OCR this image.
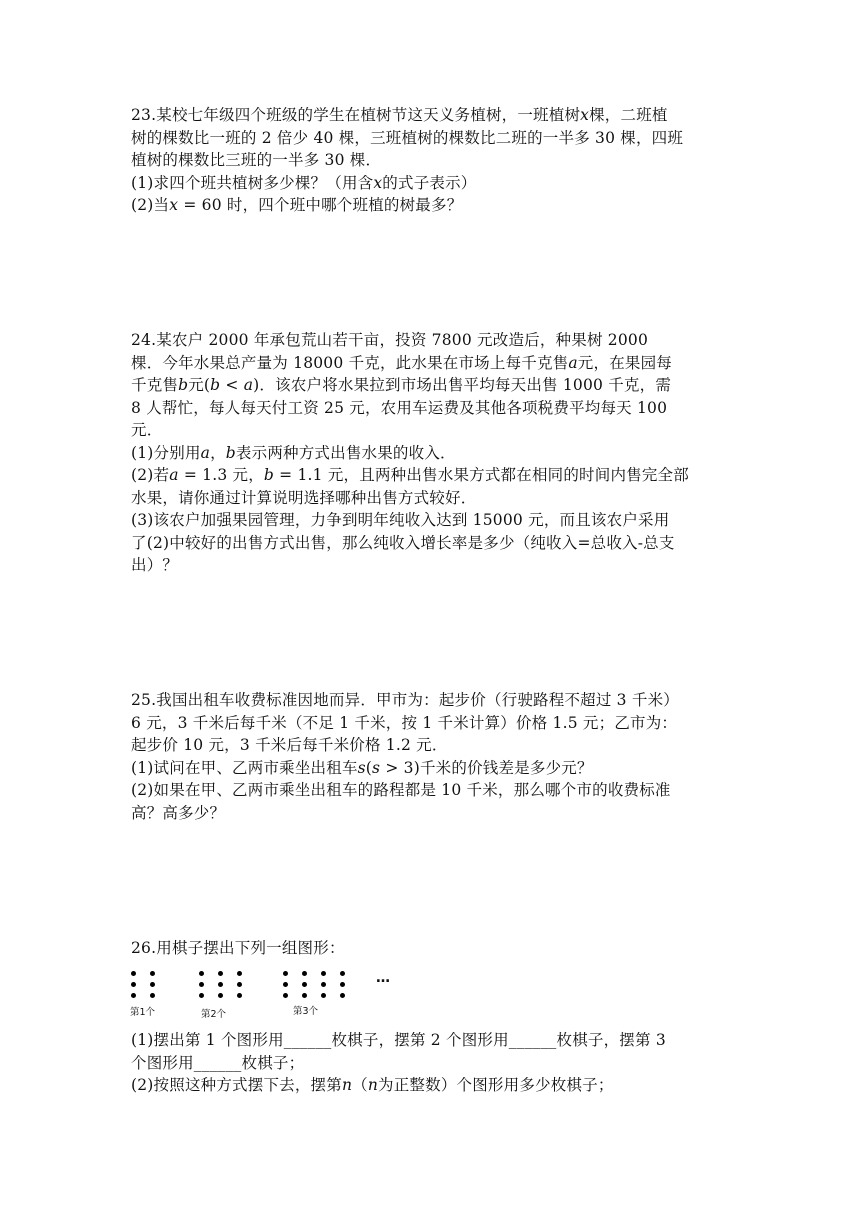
23.某校七年级四个班级的学生在植树节这天义务植树，一班植树𝑥棵，二班植
树的棵数比一班的 2 倍少 40 棵，三班植树的棵数比二班的一半多 30 棵，四班
植树的棵数比三班的一半多 30 棵．
(1)求四个班共植树多少棵？（用含𝑥的式子表示）
(2)当𝑥 = 60 时，四个班中哪个班植的树最多？
24.某农户 2000 年承包荒山若干亩，投资 7800 元改造后，种果树 2000
棵．今年水果总产量为 18000 千克，此水果在市场上每千克售𝑎元，在果园每
千克售𝑏元(𝑏 < 𝑎)．该农户将水果拉到市场出售平均每天出售 1000 千克，需
8 人帮忙，每人每天付工资 25 元，农用车运费及其他各项税费平均每天 100
元．
(1)分别用𝑎，𝑏表示两种方式出售水果的收入．
(2)若𝑎 = 1.3 元，𝑏 = 1.1 元，且两种出售水果方式都在相同的时间内售完全部
水果，请你通过计算说明选择哪种出售方式较好．
(3)该农户加强果园管理，力争到明年纯收入达到 15000 元，而且该农户采用
了(2)中较好的出售方式出售，那么纯收入增长率是多少（纯收入=总收入-总支
出）？
25.我国出租车收费标准因地而异．甲市为：起步价（行驶路程不超过 3 千米）
6 元，3 千米后每千米（不足 1 千米，按 1 千米计算）价格 1.5 元；乙市为：
起步价 10 元，3 千米后每千米价格 1.2 元．
(1)试问在甲、乙两市乘坐出租车𝑠(𝑠 > 3)千米的价钱差是多少元？
(2)如果在甲、乙两市乘坐出租车的路程都是 10 千米，那么哪个市的收费标准
高？高多少？
26.用棋子摆出下列一组图形：
第1个	第2个	第3个
…
(1)摆出第 1 个图形用______枚棋子，摆第 2 个图形用______枚棋子，摆第 3
个图形用______枚棋子；
(2)按照这种方式摆下去，摆第𝑛（𝑛为正整数）个图形用多少枚棋子；
